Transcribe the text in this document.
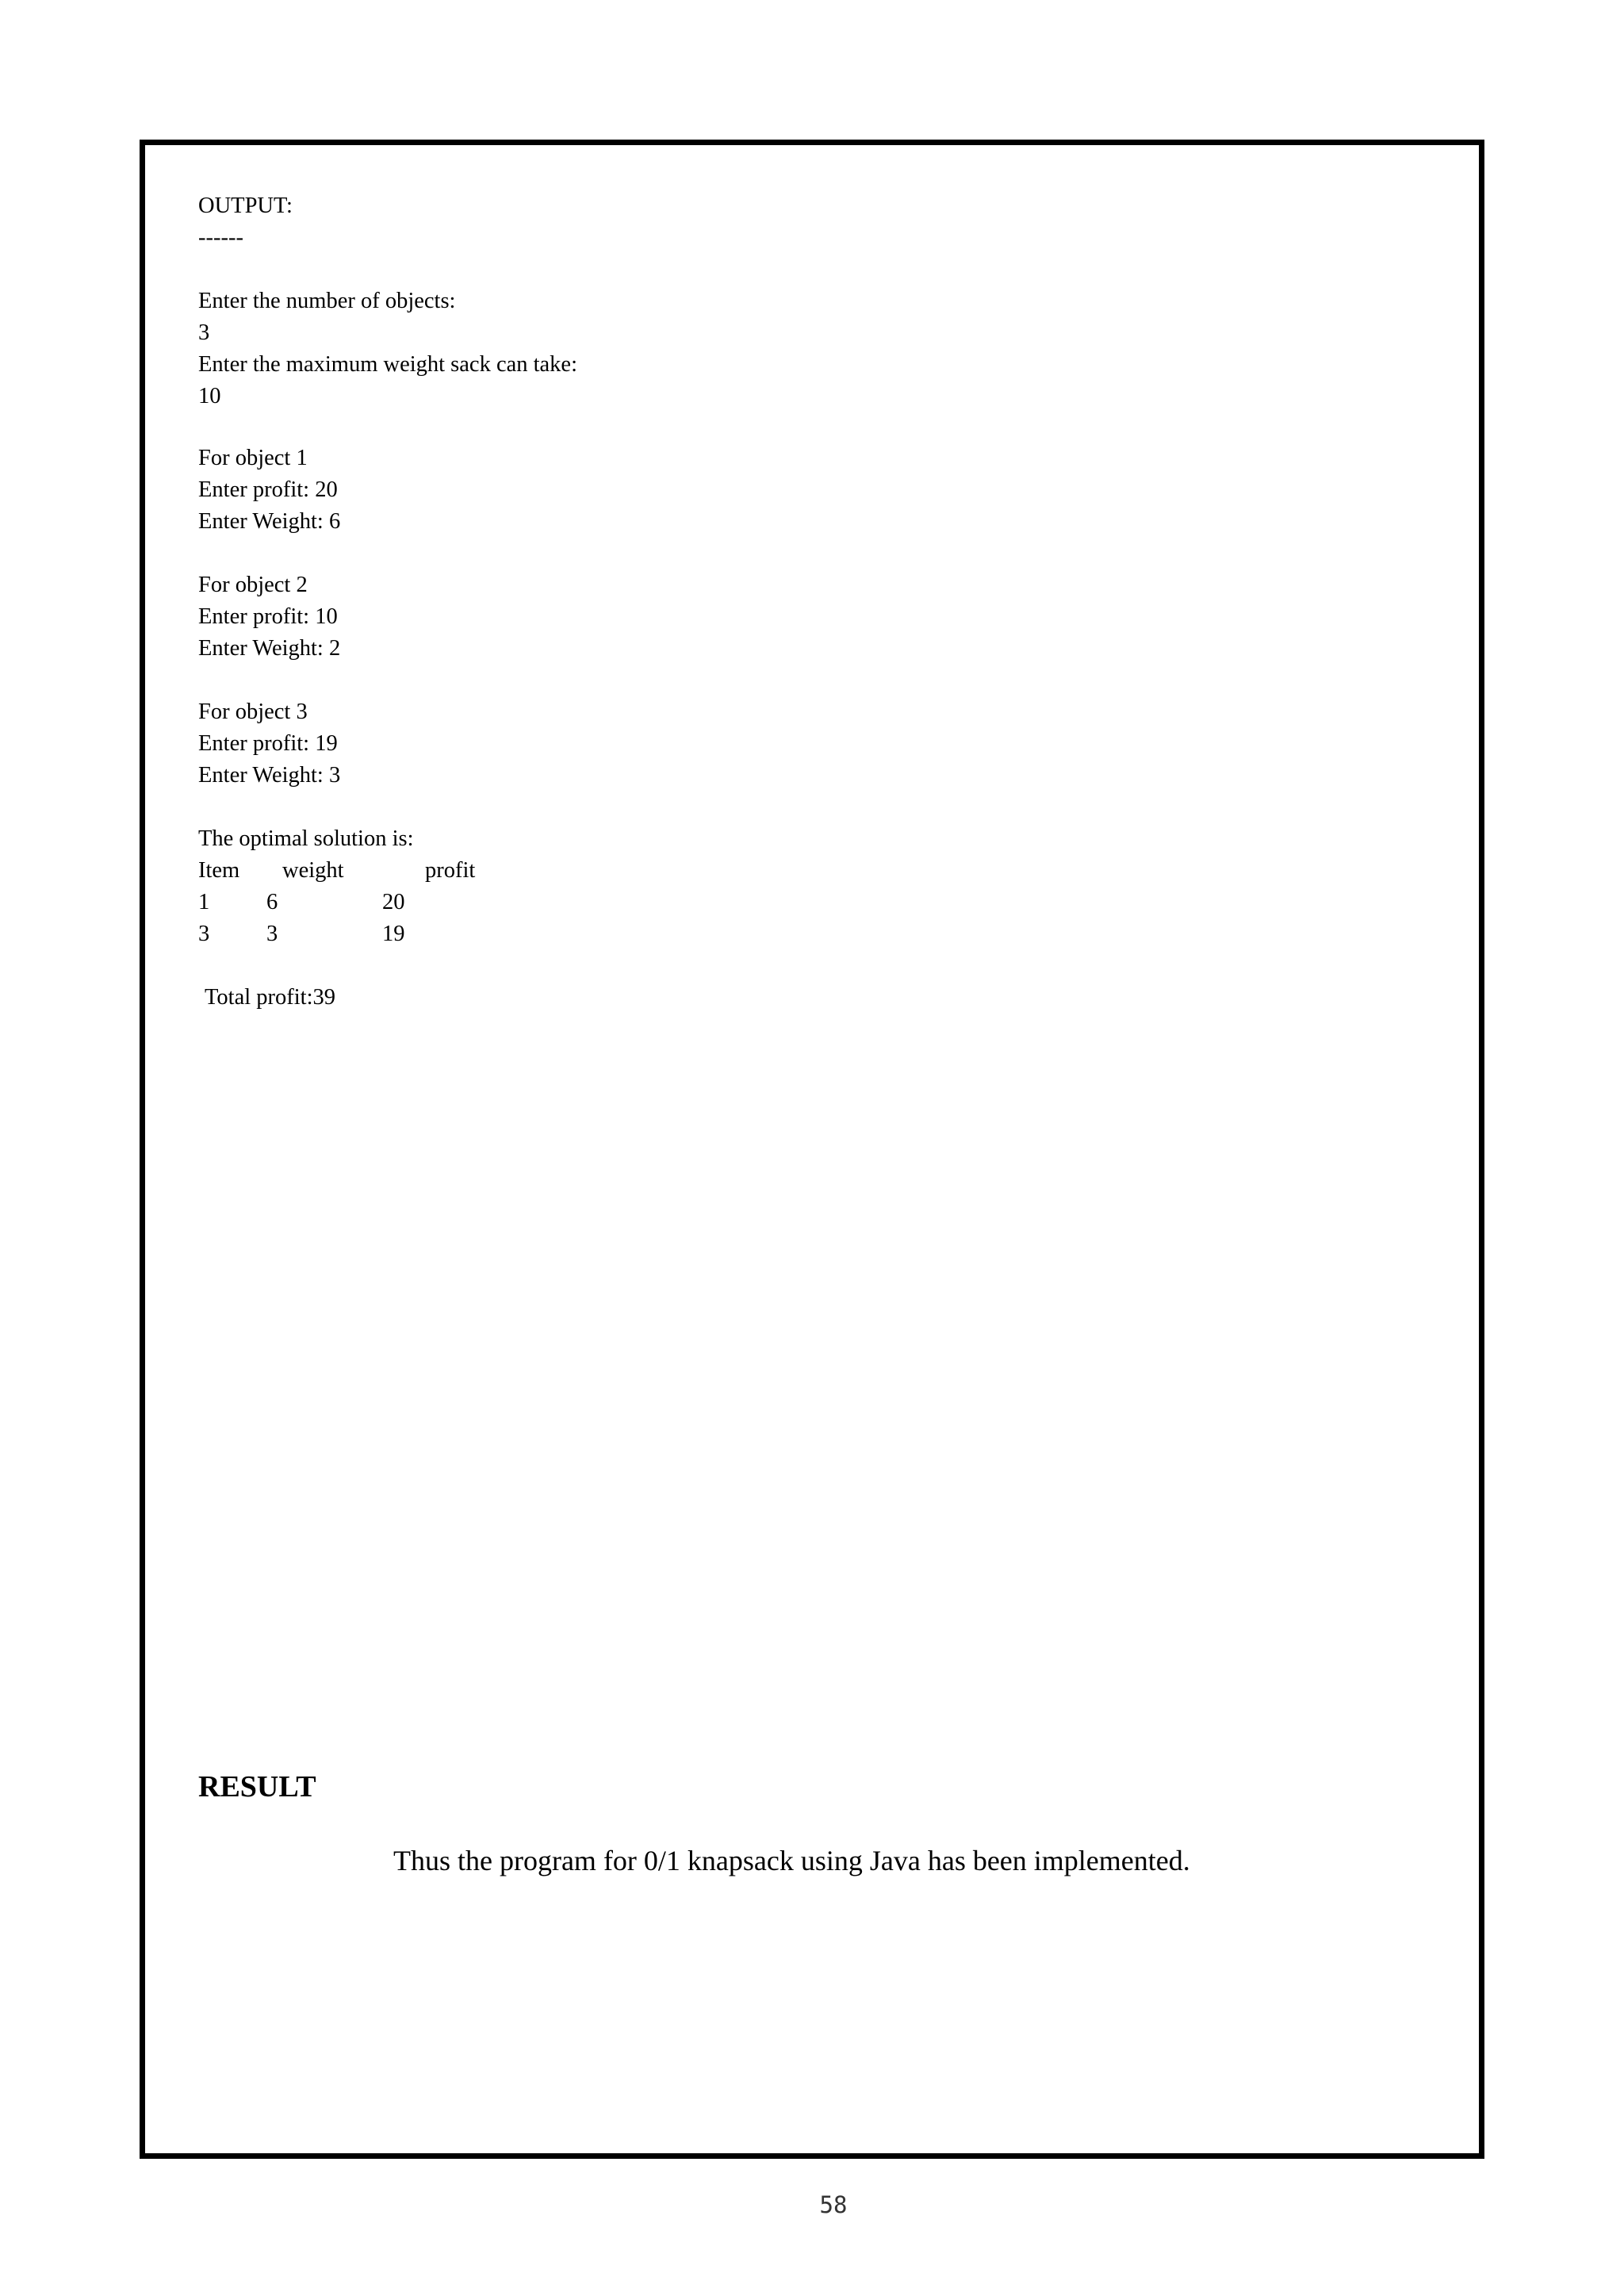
OUTPUT:
------
Enter the number of objects:
3
Enter the maximum weight sack can take:
10
For object 1
Enter profit: 20
Enter Weight: 6
For object 2
Enter profit: 10
Enter Weight: 2
For object 3
Enter profit: 19
Enter Weight: 3
The optimal solution is:
Item weight	profit
1	6	20
3	3	19
Total profit:39
RESULT
Thus the program for 0/1 knapsack using Java has been implemented.
58
